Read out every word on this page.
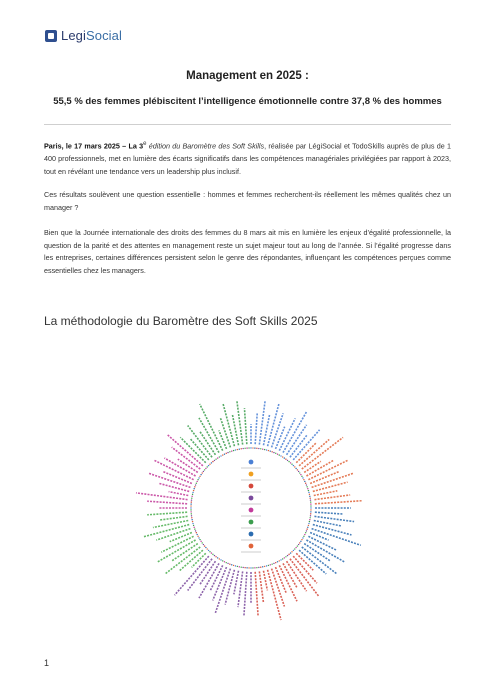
LegiSocial
Management en 2025 :
55,5 % des femmes plébiscitent l’intelligence émotionnelle contre 37,8 % des hommes

Paris, le 17 mars 2025 – La 3e édition du Baromètre des Soft Skills, réalisée par LégiSocial et TodoSkills auprès de plus de 1 400 professionnels, met en lumière des écarts significatifs dans les compétences managériales privilégiées par rapport à 2023, tout en révélant une tendance vers un leadership plus inclusif.

Ces résultats soulèvent une question essentielle : hommes et femmes recherchent-ils réellement les mêmes qualités chez un manager ?

Bien que la Journée internationale des droits des femmes du 8 mars ait mis en lumière les enjeux d’égalité professionnelle, la question de la parité et des attentes en management reste un sujet majeur tout au long de l’année. Si l’égalité progresse dans les entreprises, certaines différences persistent selon le genre des répondantes, influençant les compétences perçues comme essentielles chez les managers.

La méthodologie du Baromètre des Soft Skills 2025
1
